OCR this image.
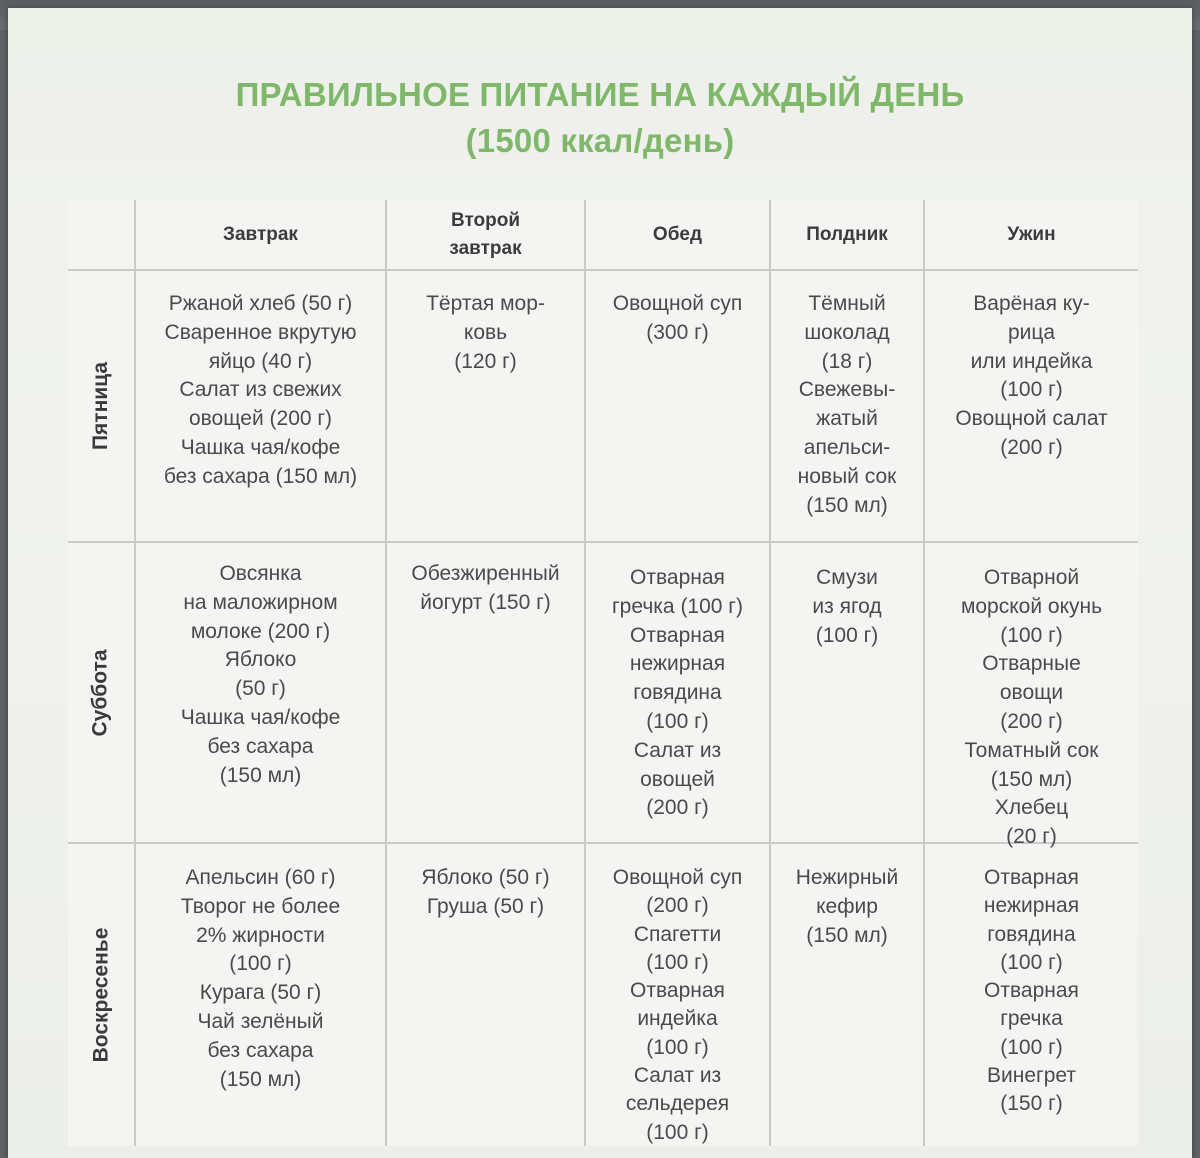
ПРАВИЛЬНОЕ ПИТАНИЕ НА КАЖДЫЙ ДЕНЬ
(1500 ккал/день)
Завтрак
Второй
завтрак
Обед	Полдник	Ужин
Пятница
Суббота
Воскресенье
Ржаной хлеб (50 г)
Сваренное вкрутую
яйцо (40 г)
Салат из свежих
овощей (200 г)
Чашка чая/кофе
без сахара (150 мл)
Тёртая мор-
ковь
(120 г)
Овощной суп
(300 г)
Тёмный
шоколад
(18 г)
Свежевы-
жатый
апельси-
новый сок
(150 мл)
Варёная ку-
рица
или индейка
(100 г)
Овощной салат
(200 г)
Овсянка
на маложирном
молоке (200 г)
Яблоко
(50 г)
Чашка чая/кофе
без сахара
(150 мл)
Обезжиренный
йогурт (150 г)
Отварная
гречка (100 г)
Отварная
нежирная
говядина
(100 г)
Салат из
овощей
(200 г)
Смузи
из ягод
(100 г)
Отварной
морской окунь
(100 г)
Отварные
овощи
(200 г)
Томатный сок
(150 мл)
Хлебец
(20 г)
Апельсин (60 г)
Творог не более
2% жирности
(100 г)
Курага (50 г)
Чай зелёный
без сахара
(150 мл)
Яблоко (50 г)
Груша (50 г)
Овощной суп
(200 г)
Спагетти
(100 г)
Отварная
индейка
(100 г)
Салат из
сельдерея
(100 г)
Нежирный
кефир
(150 мл)
Отварная
нежирная
говядина
(100 г)
Отварная
гречка
(100 г)
Винегрет
(150 г)
